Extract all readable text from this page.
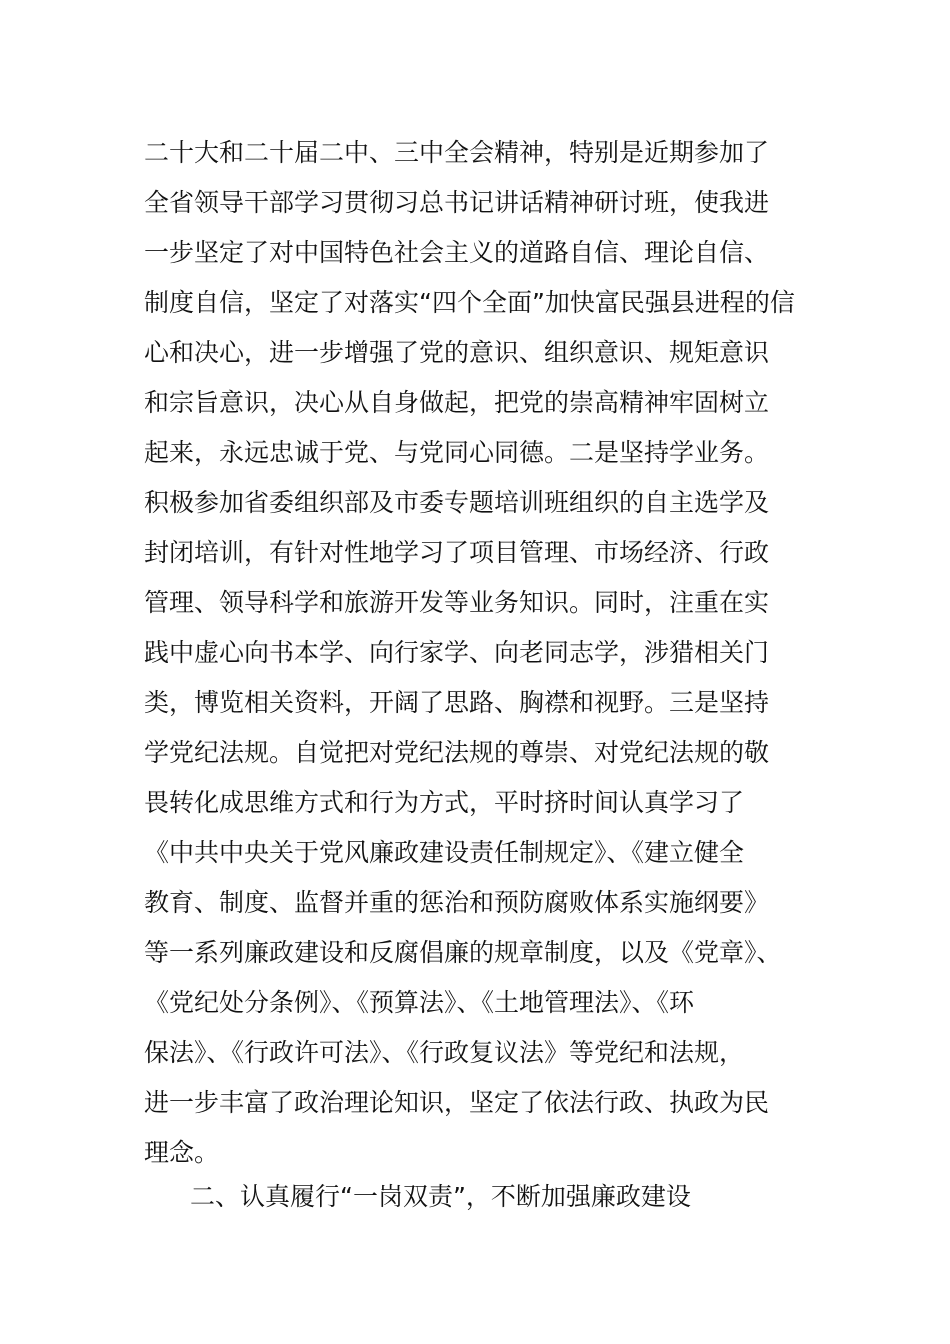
二十大和二十届二中、三中全会精神，特别是近期参加了
全省领导干部学习贯彻习总书记讲话精神研讨班，使我进
一步坚定了对中国特色社会主义的道路自信、理论自信、
制度自信，坚定了对落实“四个全面”加快富民强县进程的信
心和决心，进一步增强了党的意识、组织意识、规矩意识
和宗旨意识，决心从自身做起，把党的崇高精神牢固树立
起来，永远忠诚于党、与党同心同德。二是坚持学业务。
积极参加省委组织部及市委专题培训班组织的自主选学及
封闭培训，有针对性地学习了项目管理、市场经济、行政
管理、领导科学和旅游开发等业务知识。同时，注重在实
践中虚心向书本学、向行家学、向老同志学，涉猎相关门
类，博览相关资料，开阔了思路、胸襟和视野。三是坚持
学党纪法规。自觉把对党纪法规的尊崇、对党纪法规的敬
畏转化成思维方式和行为方式，平时挤时间认真学习了
《中共中央关于党风廉政建设责任制规定》、《建立健全
教育、制度、监督并重的惩治和预防腐败体系实施纲要》
等一系列廉政建设和反腐倡廉的规章制度，以及《党章》、
《党纪处分条例》、《预算法》、《土地管理法》、《环
保法》、《行政许可法》、《行政复议法》等党纪和法规，
进一步丰富了政治理论知识，坚定了依法行政、执政为民
理念。
二、认真履行“一岗双责”，不断加强廉政建设
